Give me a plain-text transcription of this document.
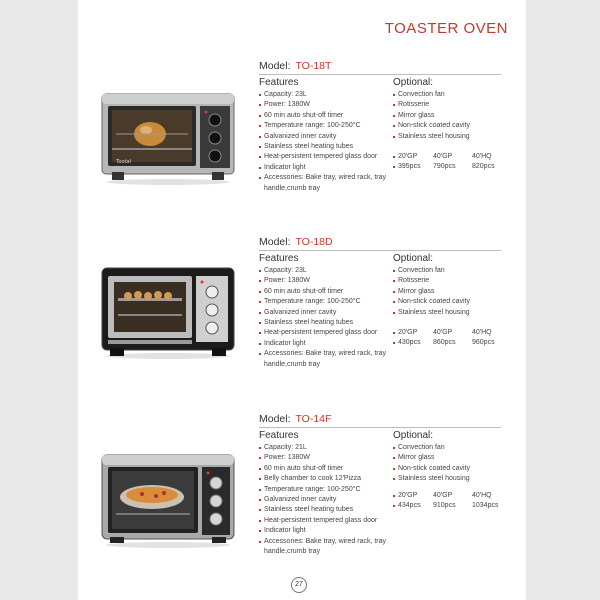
TOASTER OVEN
Tootal
Model: TO-18T
Features	Optional:
Capacity: 23L
Power: 1380W
60 min auto shut-off timer
Temperature range: 100-250°C
Galvanized inner cavity
Stainless steel heating tubes
Heat-persistent tempered glass door
Indicator light
Accessories: Bake tray, wired rack, tray handle,crumb tray
Convection fan
Rotisserie
Mirror glass
Non-stick coated cavity
Stainless steel housing
20'GP	40'GP	40'HQ
395pcs	790pcs	820pcs
Model: TO-18D
Features	Optional:
Capacity: 23L
Power: 1380W
60 min auto shut-off timer
Temperature range: 100-250°C
Galvanized inner cavity
Stainless steel heating tubes
Heat-persistent tempered glass door
Indicator light
Accessories: Bake tray, wired rack, tray handle,crumb tray
Convection fan
Rotisserie
Mirror glass
Non-stick coated cavity
Stainless steel housing
20'GP	40'GP	40'HQ
430pcs	860pcs	960pcs
Model: TO-14F
Features	Optional:
Capacity: 21L
Power: 1380W
60 min auto shut-off timer
Belly chamber to cook 12'Pizza
Temperature range: 100-250°C
Galvanized inner cavity
Stainless steel heating tubes
Heat-persistent tempered glass door
Indicator light
Accessories: Bake tray, wired rack, tray handle,crumb tray
Convection fan
Mirror glass
Non-stick coated cavity
Stainless steel housing
20'GP	40'GP	40'HQ
434pcs	910pcs	1034pcs
27
